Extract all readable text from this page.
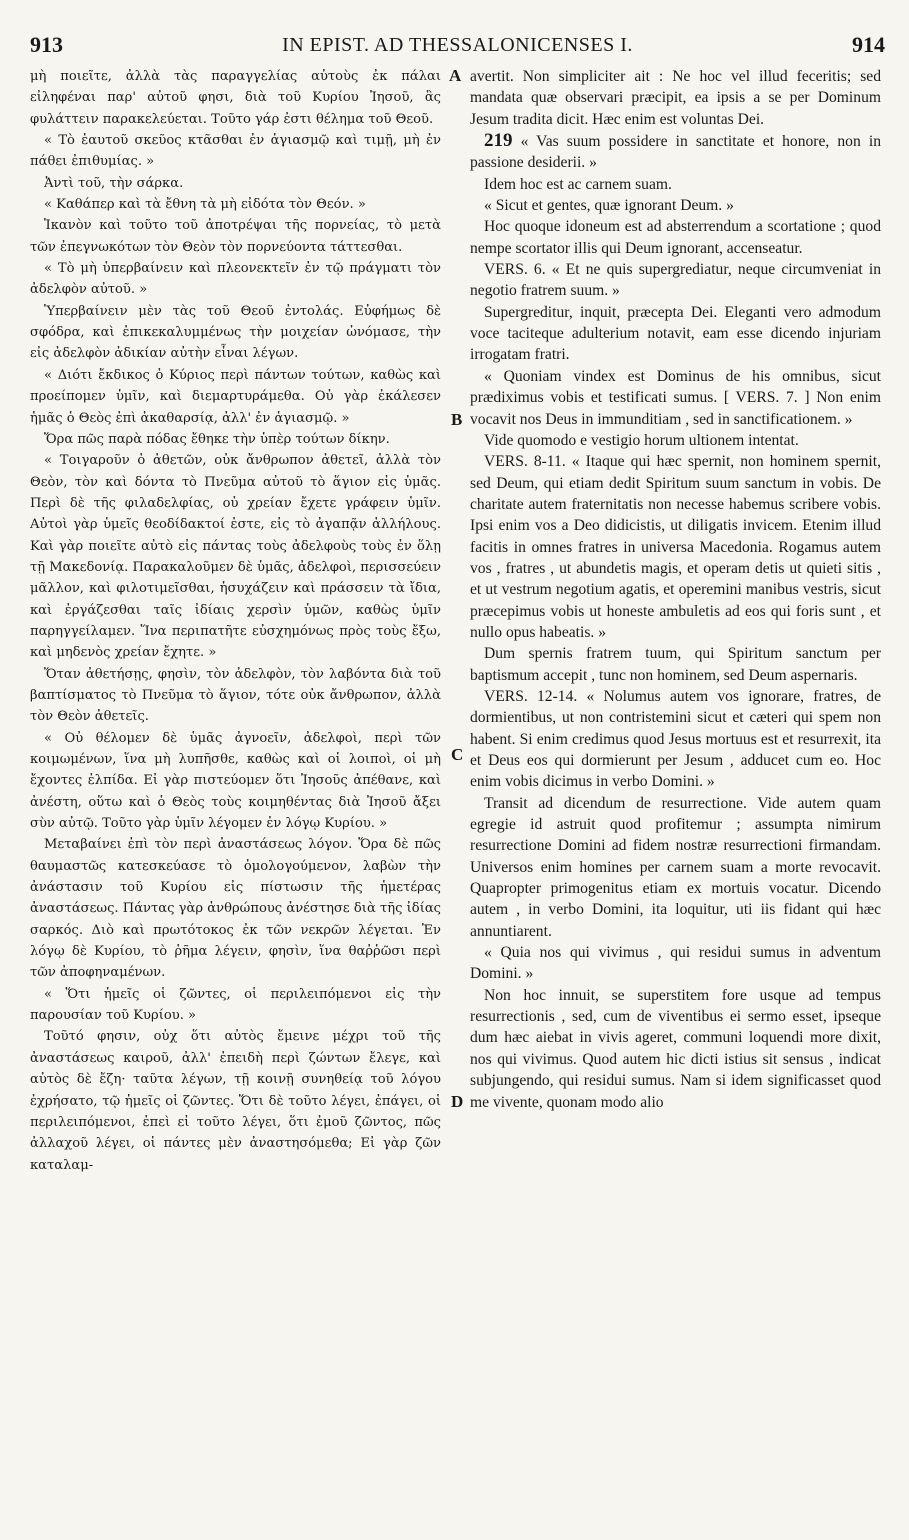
913	IN EPIST. AD THESSALONICENSES I.	914

μὴ ποιεῖτε, ἀλλὰ τὰς παραγγελίας αὐτοὺς ἐκ πάλαι εἰληφέναι παρ' αὐτοῦ φησι, διὰ τοῦ Κυρίου Ἰησοῦ, ἃς φυλάττειν παρακελεύεται. Τοῦτο γάρ ἐστι θέλημα τοῦ Θεοῦ.

« Τὸ ἑαυτοῦ σκεῦος κτᾶσθαι ἐν ἁγιασμῷ καὶ τιμῇ, μὴ ἐν πάθει ἐπιθυμίας. »

Ἀντὶ τοῦ, τὴν σάρκα.

« Καθάπερ καὶ τὰ ἔθνη τὰ μὴ εἰδότα τὸν Θεόν. »

Ἱκανὸν καὶ τοῦτο τοῦ ἀποτρέψαι τῆς πορνείας, τὸ μετὰ τῶν ἐπεγνωκότων τὸν Θεὸν τὸν πορνεύοντα τάττεσθαι.

« Τὸ μὴ ὑπερβαίνειν καὶ πλεονεκτεῖν ἐν τῷ πράγματι τὸν ἀδελφὸν αὐτοῦ. »

Ὑπερβαίνειν μὲν τὰς τοῦ Θεοῦ ἐντολάς. Εὐφήμως δὲ σφόδρα, καὶ ἐπικεκαλυμμένως τὴν μοιχείαν ὠνόμασε, τὴν εἰς ἀδελφὸν ἀδικίαν αὐτὴν εἶναι λέγων.

« Διότι ἔκδικος ὁ Κύριος περὶ πάντων τούτων, καθὼς καὶ προείπομεν ὑμῖν, καὶ διεμαρτυράμεθα. Οὐ γὰρ ἐκάλεσεν ἡμᾶς ὁ Θεὸς ἐπὶ ἀκαθαρσίᾳ, ἀλλ' ἐν ἁγιασμῷ. »

Ὅρα πῶς παρὰ πόδας ἔθηκε τὴν ὑπὲρ τούτων δίκην.

« Τοιγαροῦν ὁ ἀθετῶν, οὐκ ἄνθρωπον ἀθετεῖ, ἀλλὰ τὸν Θεὸν, τὸν καὶ δόντα τὸ Πνεῦμα αὐτοῦ τὸ ἅγιον εἰς ὑμᾶς. Περὶ δὲ τῆς φιλαδελφίας, οὐ χρείαν ἔχετε γράφειν ὑμῖν. Αὐτοὶ γὰρ ὑμεῖς θεοδίδακτοί ἐστε, εἰς τὸ ἀγαπᾷν ἀλλήλους. Καὶ γὰρ ποιεῖτε αὐτὸ εἰς πάντας τοὺς ἀδελφοὺς τοὺς ἐν ὅλῃ τῇ Μακεδονίᾳ. Παρακαλοῦμεν δὲ ὑμᾶς, ἀδελφοὶ, περισσεύειν μᾶλλον, καὶ φιλοτιμεῖσθαι, ἡσυχάζειν καὶ πράσσειν τὰ ἴδια, καὶ ἐργάζεσθαι ταῖς ἰδίαις χερσὶν ὑμῶν, καθὼς ὑμῖν παρηγγείλαμεν. Ἵνα περιπατῆτε εὐσχημόνως πρὸς τοὺς ἔξω, καὶ μηδενὸς χρείαν ἔχητε. »

Ὅταν ἀθετήσῃς, φησὶν, τὸν ἀδελφὸν, τὸν λαβόντα διὰ τοῦ βαπτίσματος τὸ Πνεῦμα τὸ ἅγιον, τότε οὐκ ἄνθρωπον, ἀλλὰ τὸν Θεὸν ἀθετεῖς.

« Οὐ θέλομεν δὲ ὑμᾶς ἀγνοεῖν, ἀδελφοὶ, περὶ τῶν κοιμωμένων, ἵνα μὴ λυπῆσθε, καθὼς καὶ οἱ λοιποὶ, οἱ μὴ ἔχοντες ἐλπίδα. Εἰ γὰρ πιστεύομεν ὅτι Ἰησοῦς ἀπέθανε, καὶ ἀνέστη, οὕτω καὶ ὁ Θεὸς τοὺς κοιμηθέντας διὰ Ἰησοῦ ἄξει σὺν αὐτῷ. Τοῦτο γὰρ ὑμῖν λέγομεν ἐν λόγῳ Κυρίου. »

Μεταβαίνει ἐπὶ τὸν περὶ ἀναστάσεως λόγον. Ὅρα δὲ πῶς θαυμαστῶς κατεσκεύασε τὸ ὁμολογούμενον, λαβὼν τὴν ἀνάστασιν τοῦ Κυρίου εἰς πίστωσιν τῆς ἡμετέρας ἀναστάσεως. Πάντας γὰρ ἀνθρώπους ἀνέστησε διὰ τῆς ἰδίας σαρκός. Διὸ καὶ πρωτότοκος ἐκ τῶν νεκρῶν λέγεται. Ἐν λόγῳ δὲ Κυρίου, τὸ ῥῆμα λέγειν, φησὶν, ἵνα θαῤῥῶσι περὶ τῶν ἀποφηναμένων.

« Ὅτι ἡμεῖς οἱ ζῶντες, οἱ περιλειπόμενοι εἰς τὴν παρουσίαν τοῦ Κυρίου. »

Τοῦτό φησιν, οὐχ ὅτι αὐτὸς ἔμεινε μέχρι τοῦ τῆς ἀναστάσεως καιροῦ, ἀλλ' ἐπειδὴ περὶ ζώντων ἔλεγε, καὶ αὐτὸς δὲ ἔζη· ταῦτα λέγων, τῇ κοινῇ συνηθείᾳ τοῦ λόγου ἐχρήσατο, τῷ ἡμεῖς οἱ ζῶντες. Ὅτι δὲ τοῦτο λέγει, ἐπάγει, οἱ περιλειπόμενοι, ἐπεὶ εἰ τοῦτο λέγει, ὅτι ἐμοῦ ζῶντος, πῶς ἀλλαχοῦ λέγει, οἱ πάντες μὲν ἀναστησόμεθα; Εἰ γὰρ ζῶν καταλαμ-

A
B
C
D

avertit. Non simpliciter ait : Ne hoc vel illud feceritis; sed mandata quæ observari præcipit, ea ipsis a se per Dominum Jesum tradita dicit. Hæc enim est voluntas Dei.

219 « Vas suum possidere in sanctitate et honore, non in passione desiderii. »

Idem hoc est ac carnem suam.

« Sicut et gentes, quæ ignorant Deum. »

Hoc quoque idoneum est ad absterrendum a scortatione ; quod nempe scortator illis qui Deum ignorant, accenseatur.

VERS. 6. « Et ne quis supergrediatur, neque circumveniat in negotio fratrem suum. »

Supergreditur, inquit, præcepta Dei. Eleganti vero admodum voce taciteque adulterium notavit, eam esse dicendo injuriam irrogatam fratri.

« Quoniam vindex est Dominus de his omnibus, sicut prædiximus vobis et testificati sumus. [ VERS. 7. ] Non enim vocavit nos Deus in immunditiam , sed in sanctificationem. »

Vide quomodo e vestigio horum ultionem intentat.

VERS. 8-11. « Itaque qui hæc spernit, non hominem spernit, sed Deum, qui etiam dedit Spiritum suum sanctum in vobis. De charitate autem fraternitatis non necesse habemus scribere vobis. Ipsi enim vos a Deo didicistis, ut diligatis invicem. Etenim illud facitis in omnes fratres in universa Macedonia. Rogamus autem vos , fratres , ut abundetis magis, et operam detis ut quieti sitis , et ut vestrum negotium agatis, et operemini manibus vestris, sicut præcepimus vobis ut honeste ambuletis ad eos qui foris sunt , et nullo opus habeatis. »

Dum spernis fratrem tuum, qui Spiritum sanctum per baptismum accepit , tunc non hominem, sed Deum aspernaris.

VERS. 12-14. « Nolumus autem vos ignorare, fratres, de dormientibus, ut non contristemini sicut et cæteri qui spem non habent. Si enim credimus quod Jesus mortuus est et resurrexit, ita et Deus eos qui dormierunt per Jesum , adducet cum eo. Hoc enim vobis dicimus in verbo Domini. »

Transit ad dicendum de resurrectione. Vide autem quam egregie id astruit quod profitemur ; assumpta nimirum resurrectione Domini ad fidem nostræ resurrectioni firmandam. Universos enim homines per carnem suam a morte revocavit. Quapropter primogenitus etiam ex mortuis vocatur. Dicendo autem , in verbo Domini, ita loquitur, uti iis fidant qui hæc annuntiarent.

« Quia nos qui vivimus , qui residui sumus in adventum Domini. »

Non hoc innuit, se superstitem fore usque ad tempus resurrectionis , sed, cum de viventibus ei sermo esset, ipseque dum hæc aiebat in vivis ageret, communi loquendi more dixit, nos qui vivimus. Quod autem hic dicti istius sit sensus , indicat subjungendo, qui residui sumus. Nam si idem significasset quod me vivente, quonam modo alio
